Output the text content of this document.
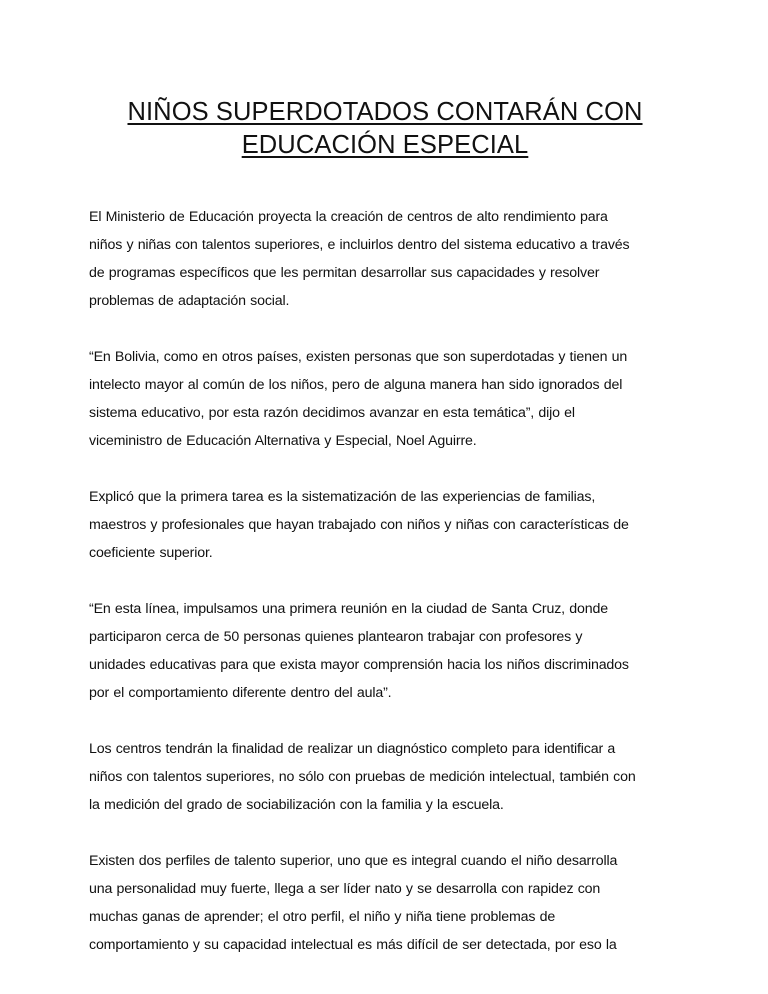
NIÑOS SUPERDOTADOS CONTARÁN CON
EDUCACIÓN ESPECIAL

El Ministerio de Educación proyecta la creación de centros de alto rendimiento para
niños y niñas con talentos superiores, e incluirlos dentro del sistema educativo a través
de programas específicos que les permitan desarrollar sus capacidades y resolver
problemas de adaptación social.

“En Bolivia, como en otros países, existen personas que son superdotadas y tienen un
intelecto mayor al común de los niños, pero de alguna manera han sido ignorados del
sistema educativo, por esta razón decidimos avanzar en esta temática”, dijo el
viceministro de Educación Alternativa y Especial, Noel Aguirre.

Explicó que la primera tarea es la sistematización de las experiencias de familias,
maestros y profesionales que hayan trabajado con niños y niñas con características de
coeficiente superior.

“En esta línea, impulsamos una primera reunión en la ciudad de Santa Cruz, donde
participaron cerca de 50 personas quienes plantearon trabajar con profesores y
unidades educativas para que exista mayor comprensión hacia los niños discriminados
por el comportamiento diferente dentro del aula”.

Los centros tendrán la finalidad de realizar un diagnóstico completo para identificar a
niños con talentos superiores, no sólo con pruebas de medición intelectual, también con
la medición del grado de sociabilización con la familia y la escuela.

Existen dos perfiles de talento superior, uno que es integral cuando el niño desarrolla
una personalidad muy fuerte, llega a ser líder nato y se desarrolla con rapidez con
muchas ganas de aprender; el otro perfil, el niño y niña tiene problemas de
comportamiento y su capacidad intelectual es más difícil de ser detectada, por eso la
